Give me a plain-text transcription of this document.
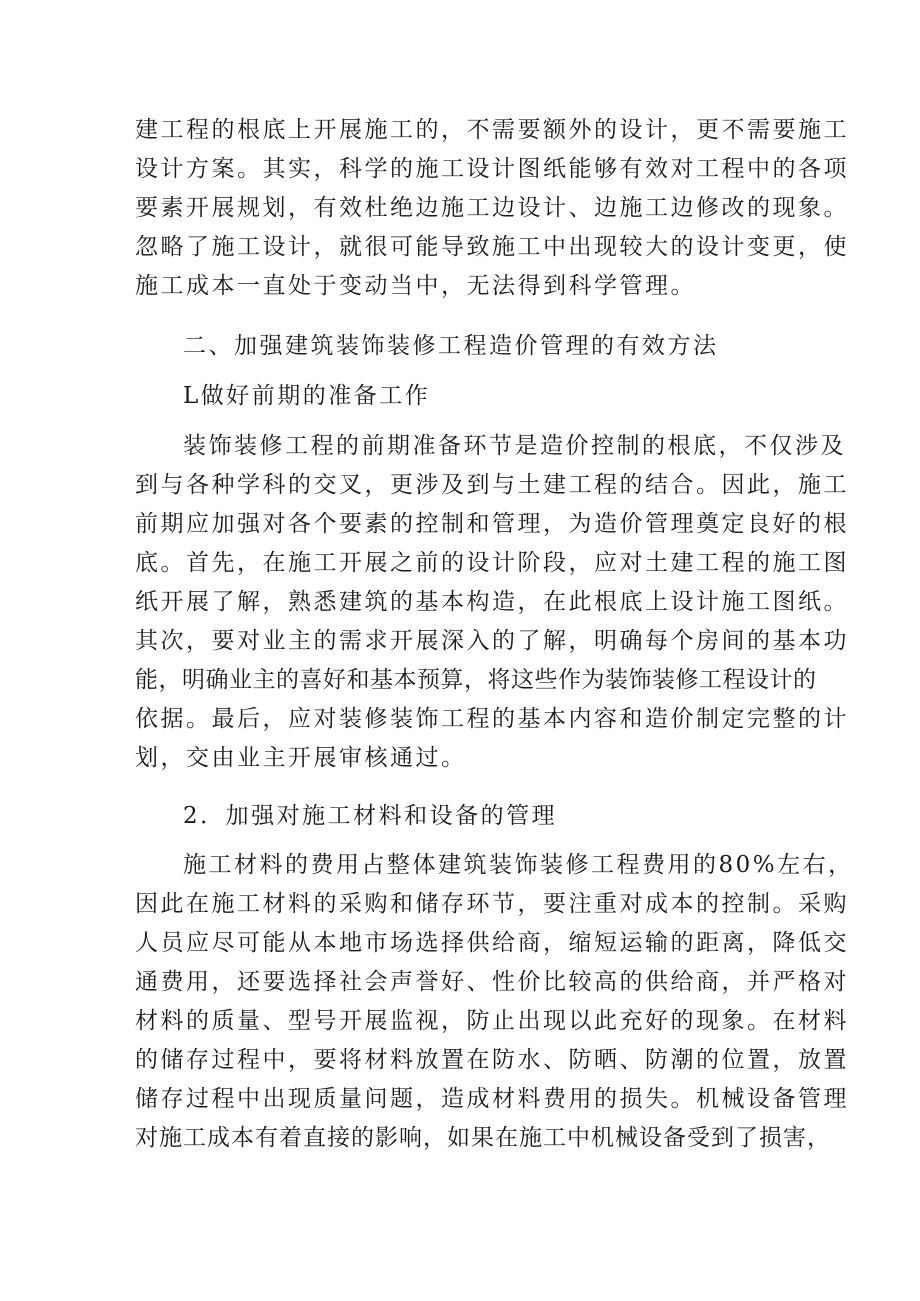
建工程的根底上开展施工的，不需要额外的设计，更不需要施工
设计方案。其实，科学的施工设计图纸能够有效对工程中的各项
要素开展规划，有效杜绝边施工边设计、边施工边修改的现象。
忽略了施工设计，就很可能导致施工中出现较大的设计变更，使
施工成本一直处于变动当中，无法得到科学管理。
二、加强建筑装饰装修工程造价管理的有效方法
L做好前期的准备工作
装饰装修工程的前期准备环节是造价控制的根底，不仅涉及
到与各种学科的交叉，更涉及到与土建工程的结合。因此，施工
前期应加强对各个要素的控制和管理，为造价管理奠定良好的根
底。首先，在施工开展之前的设计阶段，应对土建工程的施工图
纸开展了解，熟悉建筑的基本构造，在此根底上设计施工图纸。
其次，要对业主的需求开展深入的了解，明确每个房间的基本功
能，明确业主的喜好和基本预算，将这些作为装饰装修工程设计的
依据。最后，应对装修装饰工程的基本内容和造价制定完整的计
划，交由业主开展审核通过。
2．加强对施工材料和设备的管理
施工材料的费用占整体建筑装饰装修工程费用的80%左右，
因此在施工材料的采购和储存环节，要注重对成本的控制。采购
人员应尽可能从本地市场选择供给商，缩短运输的距离，降低交
通费用，还要选择社会声誉好、性价比较高的供给商，并严格对
材料的质量、型号开展监视，防止出现以此充好的现象。在材料
的储存过程中，要将材料放置在防水、防晒、防潮的位置，放置
储存过程中出现质量问题，造成材料费用的损失。机械设备管理
对施工成本有着直接的影响，如果在施工中机械设备受到了损害，
